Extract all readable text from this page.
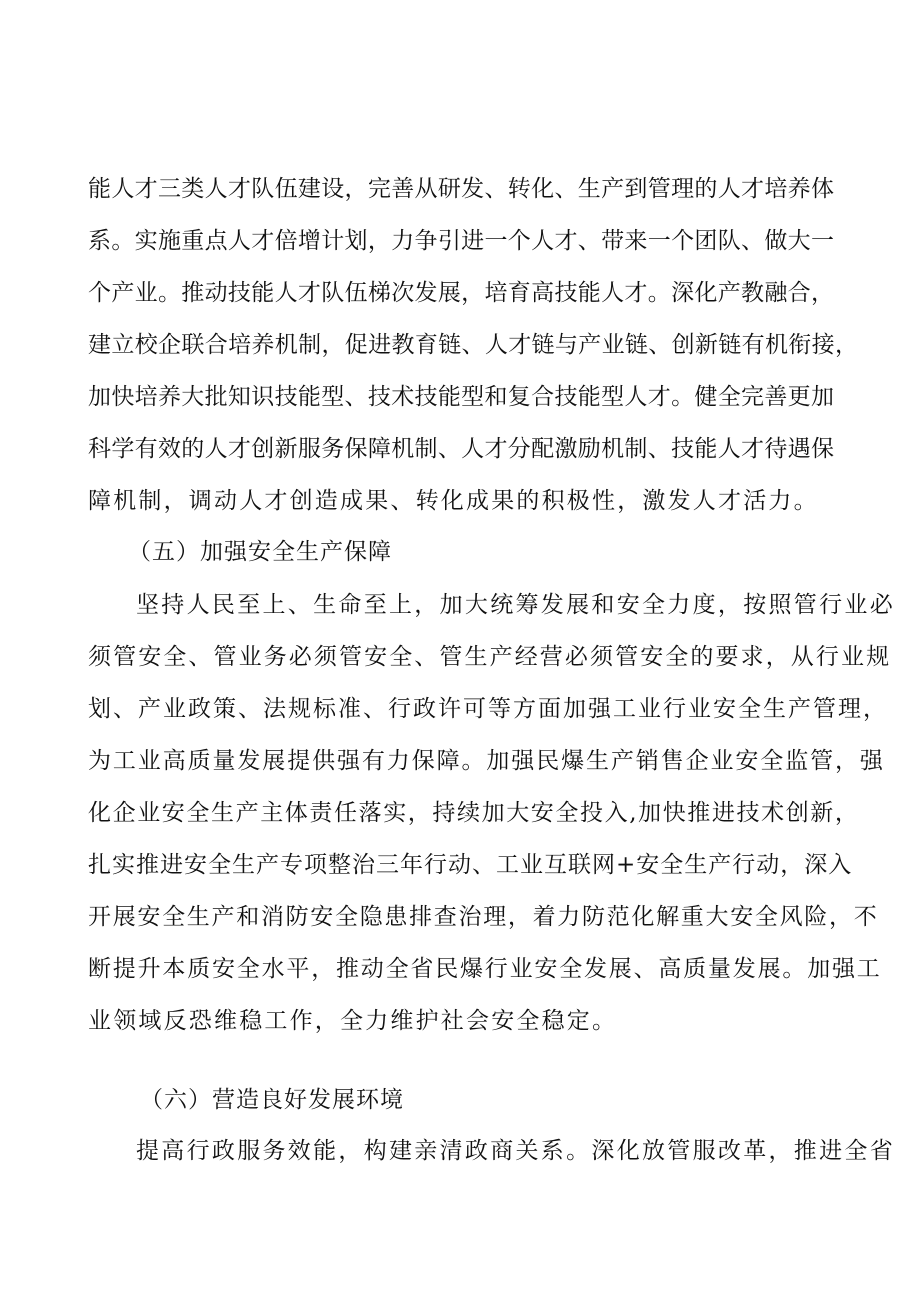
能人才三类人才队伍建设，完善从研发、转化、生产到管理的人才培养体
系。实施重点人才倍增计划，力争引进一个人才、带来一个团队、做大一
个产业。推动技能人才队伍梯次发展，培育高技能人才。深化产教融合，
建立校企联合培养机制，促进教育链、人才链与产业链、创新链有机衔接，
加快培养大批知识技能型、技术技能型和复合技能型人才。健全完善更加
科学有效的人才创新服务保障机制、人才分配激励机制、技能人才待遇保
障机制，调动人才创造成果、转化成果的积极性，激发人才活力。
（五）加强安全生产保障
坚持人民至上、生命至上，加大统筹发展和安全力度，按照管行业必
须管安全、管业务必须管安全、管生产经营必须管安全的要求，从行业规
划、产业政策、法规标准、行政许可等方面加强工业行业安全生产管理，
为工业高质量发展提供强有力保障。加强民爆生产销售企业安全监管，强
化企业安全生产主体责任落实，持续加大安全投入,加快推进技术创新，
扎实推进安全生产专项整治三年行动、工业互联网+安全生产行动，深入
开展安全生产和消防安全隐患排查治理，着力防范化解重大安全风险，不
断提升本质安全水平，推动全省民爆行业安全发展、高质量发展。加强工
业领域反恐维稳工作，全力维护社会安全稳定。
（六）营造良好发展环境
提高行政服务效能，构建亲清政商关系。深化放管服改革，推进全省
